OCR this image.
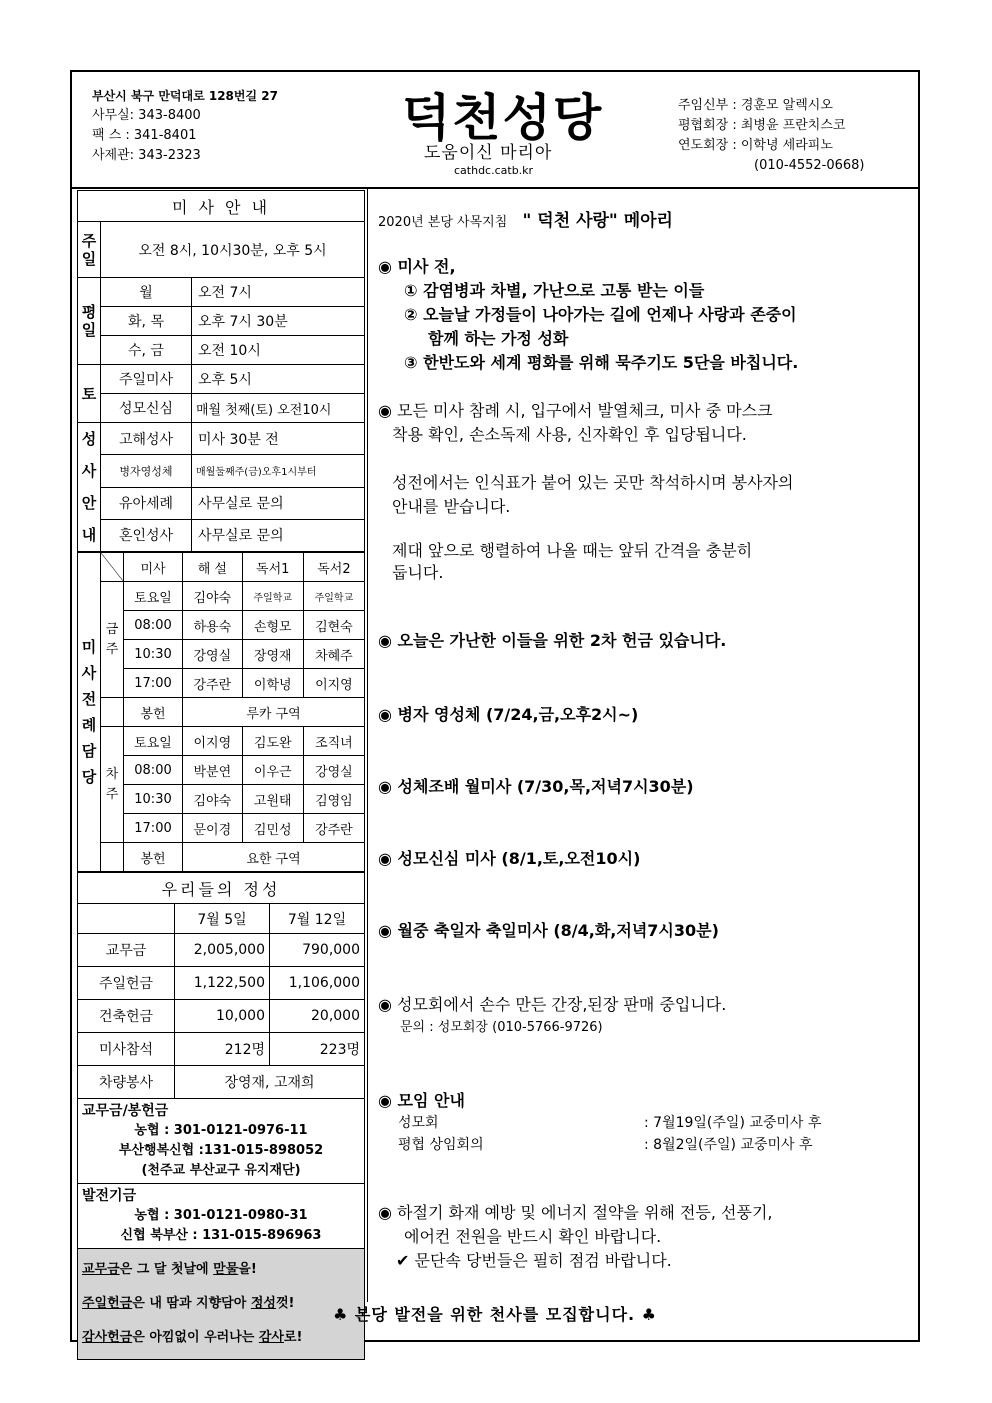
부산시 북구 만덕대로 128번길 27
사무실: 343-8400
팩 스 : 341-8401
사제관: 343-2323
덕천성당
도움이신 마리아
cathdc.catb.kr
주임신부 : 경훈모 알렉시오
평협회장 : 최병윤 프란치스코
연도회장 : 이학녕 세라피노
(010-4552-0668)
미 사 안 내		
주일	오전 8시, 10시30분, 오후 5시	
평일	월	오전 7시
	화, 목	오후 7시 30분
	수, 금	오전 10시
토	주일미사	오후 5시
	성모신심	매월 첫째(토) 오전10시
성사안내	고해성사	미사 30분 전
	병자영성체	매월둘째주(금)오후1시부터
	유아세례	사무실로 문의
	혼인성사	사무실로 문의
미사전례담당		미사	해 설	독서1	독서2
	금주	토요일	김야숙	주일학교	주일학교
		08:00	하용숙	손형모	김현숙
		10:30	강영실	장영재	차혜주
		17:00	강주란	이학녕	이지영
		봉헌	루카 구역		
	차주	토요일	이지영	김도완	조직녀
		08:00	박분연	이우근	강영실
		10:30	김야숙	고원태	김영임
		17:00	문이경	김민성	강주란
		봉헌	요한 구역		
우리들의 정성		
	7월 5일	7월 12일
교무금	2,005,000	790,000
주일헌금	1,122,500	1,106,000
건축헌금	10,000	20,000
미사참석	212명	223명
차량봉사	장영재, 고재희	
교무금/봉헌금
농협 : 301-0121-0976-11
부산행복신협 :131-015-898052
(천주교 부산교구 유지재단)
발전기금
농협 : 301-0121-0980-31
신협 북부산 : 131-015-896963
교무금은 그 달 첫날에 맏물을!
주일헌금은 내 땀과 지향담아 정성껏!
감사헌금은 아낌없이 우러나는 감사로!
2020년 본당 사목지침 " 덕천 사랑" 메아리
◉ 미사 전,
① 감염병과 차별, 가난으로 고통 받는 이들
② 오늘날 가정들이 나아가는 길에 언제나 사랑과 존중이
함께 하는 가정 성화
③ 한반도와 세계 평화를 위해 묵주기도 5단을 바칩니다.
◉ 모든 미사 참례 시, 입구에서 발열체크, 미사 중 마스크
착용 확인, 손소독제 사용, 신자확인 후 입당됩니다.
성전에서는 인식표가 붙어 있는 곳만 착석하시며 봉사자의
안내를 받습니다.
제대 앞으로 행렬하여 나올 때는 앞뒤 간격을 충분히
둡니다.
◉ 오늘은 가난한 이들을 위한 2차 헌금 있습니다.
◉ 병자 영성체 (7/24,금,오후2시~)
◉ 성체조배 월미사 (7/30,목,저녁7시30분)
◉ 성모신심 미사 (8/1,토,오전10시)
◉ 월중 축일자 축일미사 (8/4,화,저녁7시30분)
◉ 성모회에서 손수 만든 간장,된장 판매 중입니다.
문의 : 성모회장 (010-5766-9726)
◉ 모임 안내
성모회	: 7월19일(주일) 교중미사 후
평협 상임회의	: 8월2일(주일) 교중미사 후
◉ 하절기 화재 예방 및 에너지 절약을 위해 전등, 선풍기,
에어컨 전원을 반드시 확인 바랍니다.
✔ 문단속 당번들은 필히 점검 바랍니다.
♣ 본당 발전을 위한 천사를 모집합니다. ♣
